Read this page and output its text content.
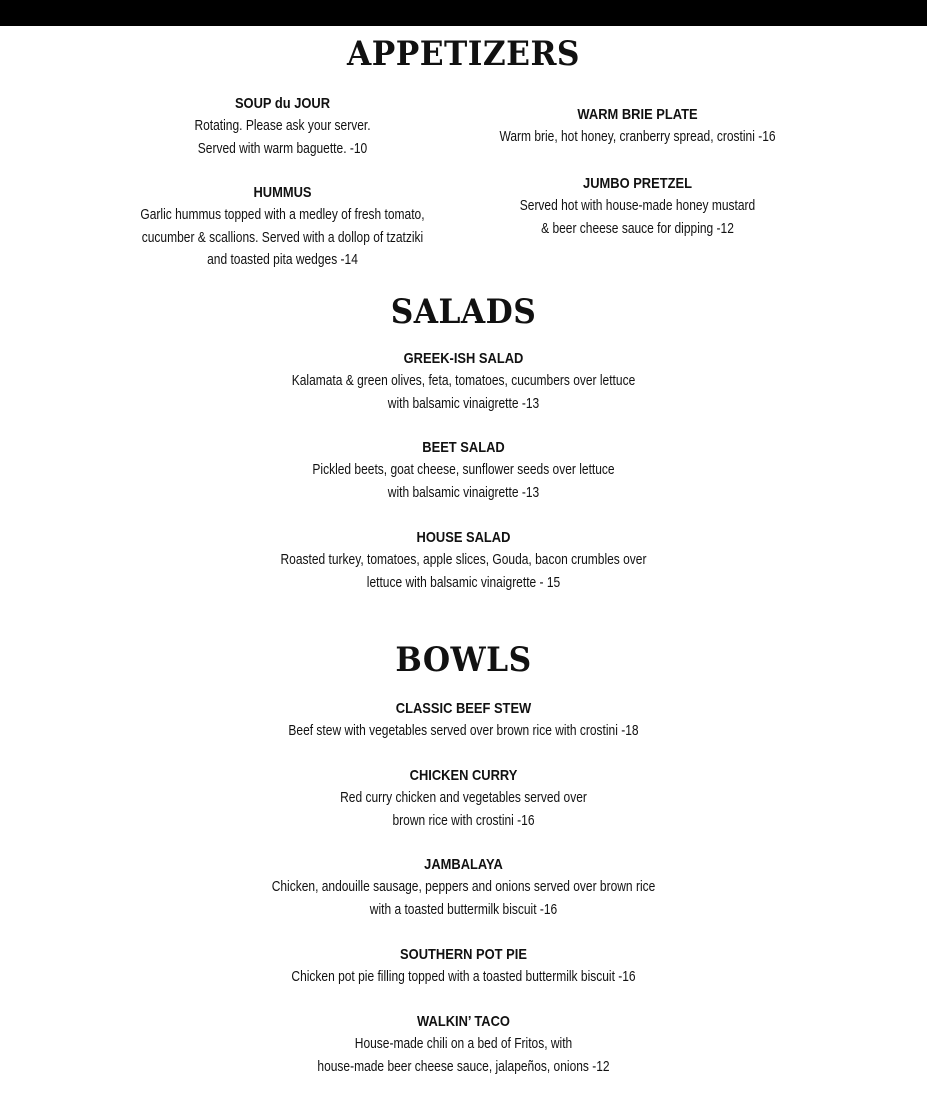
APPETIZERS
SOUP du JOUR
Rotating. Please ask your server.
Served with warm baguette. -10
HUMMUS
Garlic hummus topped with a medley of fresh tomato,
cucumber & scallions. Served with a dollop of tzatziki
and toasted pita wedges -14
WARM BRIE PLATE
Warm brie, hot honey, cranberry spread, crostini -16
JUMBO PRETZEL
Served hot with house-made honey mustard
& beer cheese sauce for dipping -12
SALADS
GREEK-ISH SALAD
Kalamata & green olives, feta, tomatoes, cucumbers over lettuce
with balsamic vinaigrette -13
BEET SALAD
Pickled beets, goat cheese, sunflower seeds over lettuce
with balsamic vinaigrette -13
HOUSE SALAD
Roasted turkey, tomatoes, apple slices, Gouda, bacon crumbles over
lettuce with balsamic vinaigrette - 15
BOWLS
CLASSIC BEEF STEW
Beef stew with vegetables served over brown rice with crostini -18
CHICKEN CURRY
Red curry chicken and vegetables served over
brown rice with crostini -16
JAMBALAYA
Chicken, andouille sausage, peppers and onions served over brown rice
with a toasted buttermilk biscuit -16
SOUTHERN POT PIE
Chicken pot pie filling topped with a toasted buttermilk biscuit -16
WALKIN’ TACO
House-made chili on a bed of Fritos, with
house-made beer cheese sauce, jalapeños, onions -12
